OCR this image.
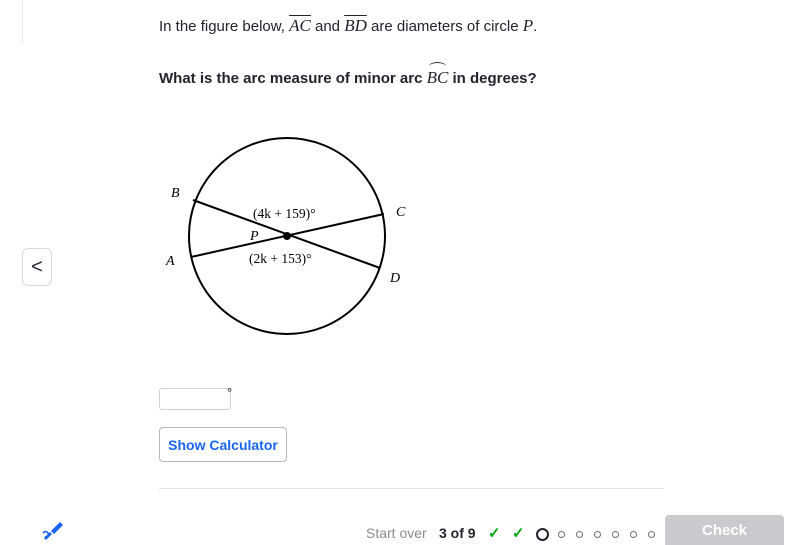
<
In the figure below, $\overline{AC}$ and $\overline{BD}$ are diameters of circle P.
What is the arc measure of minor arc
BC in degrees?
B
C
A
D
P
(4k + 159)°
(2k + 153)°
°
Show Calculator
Start over 3 of 9 ✓ ✓	Check
